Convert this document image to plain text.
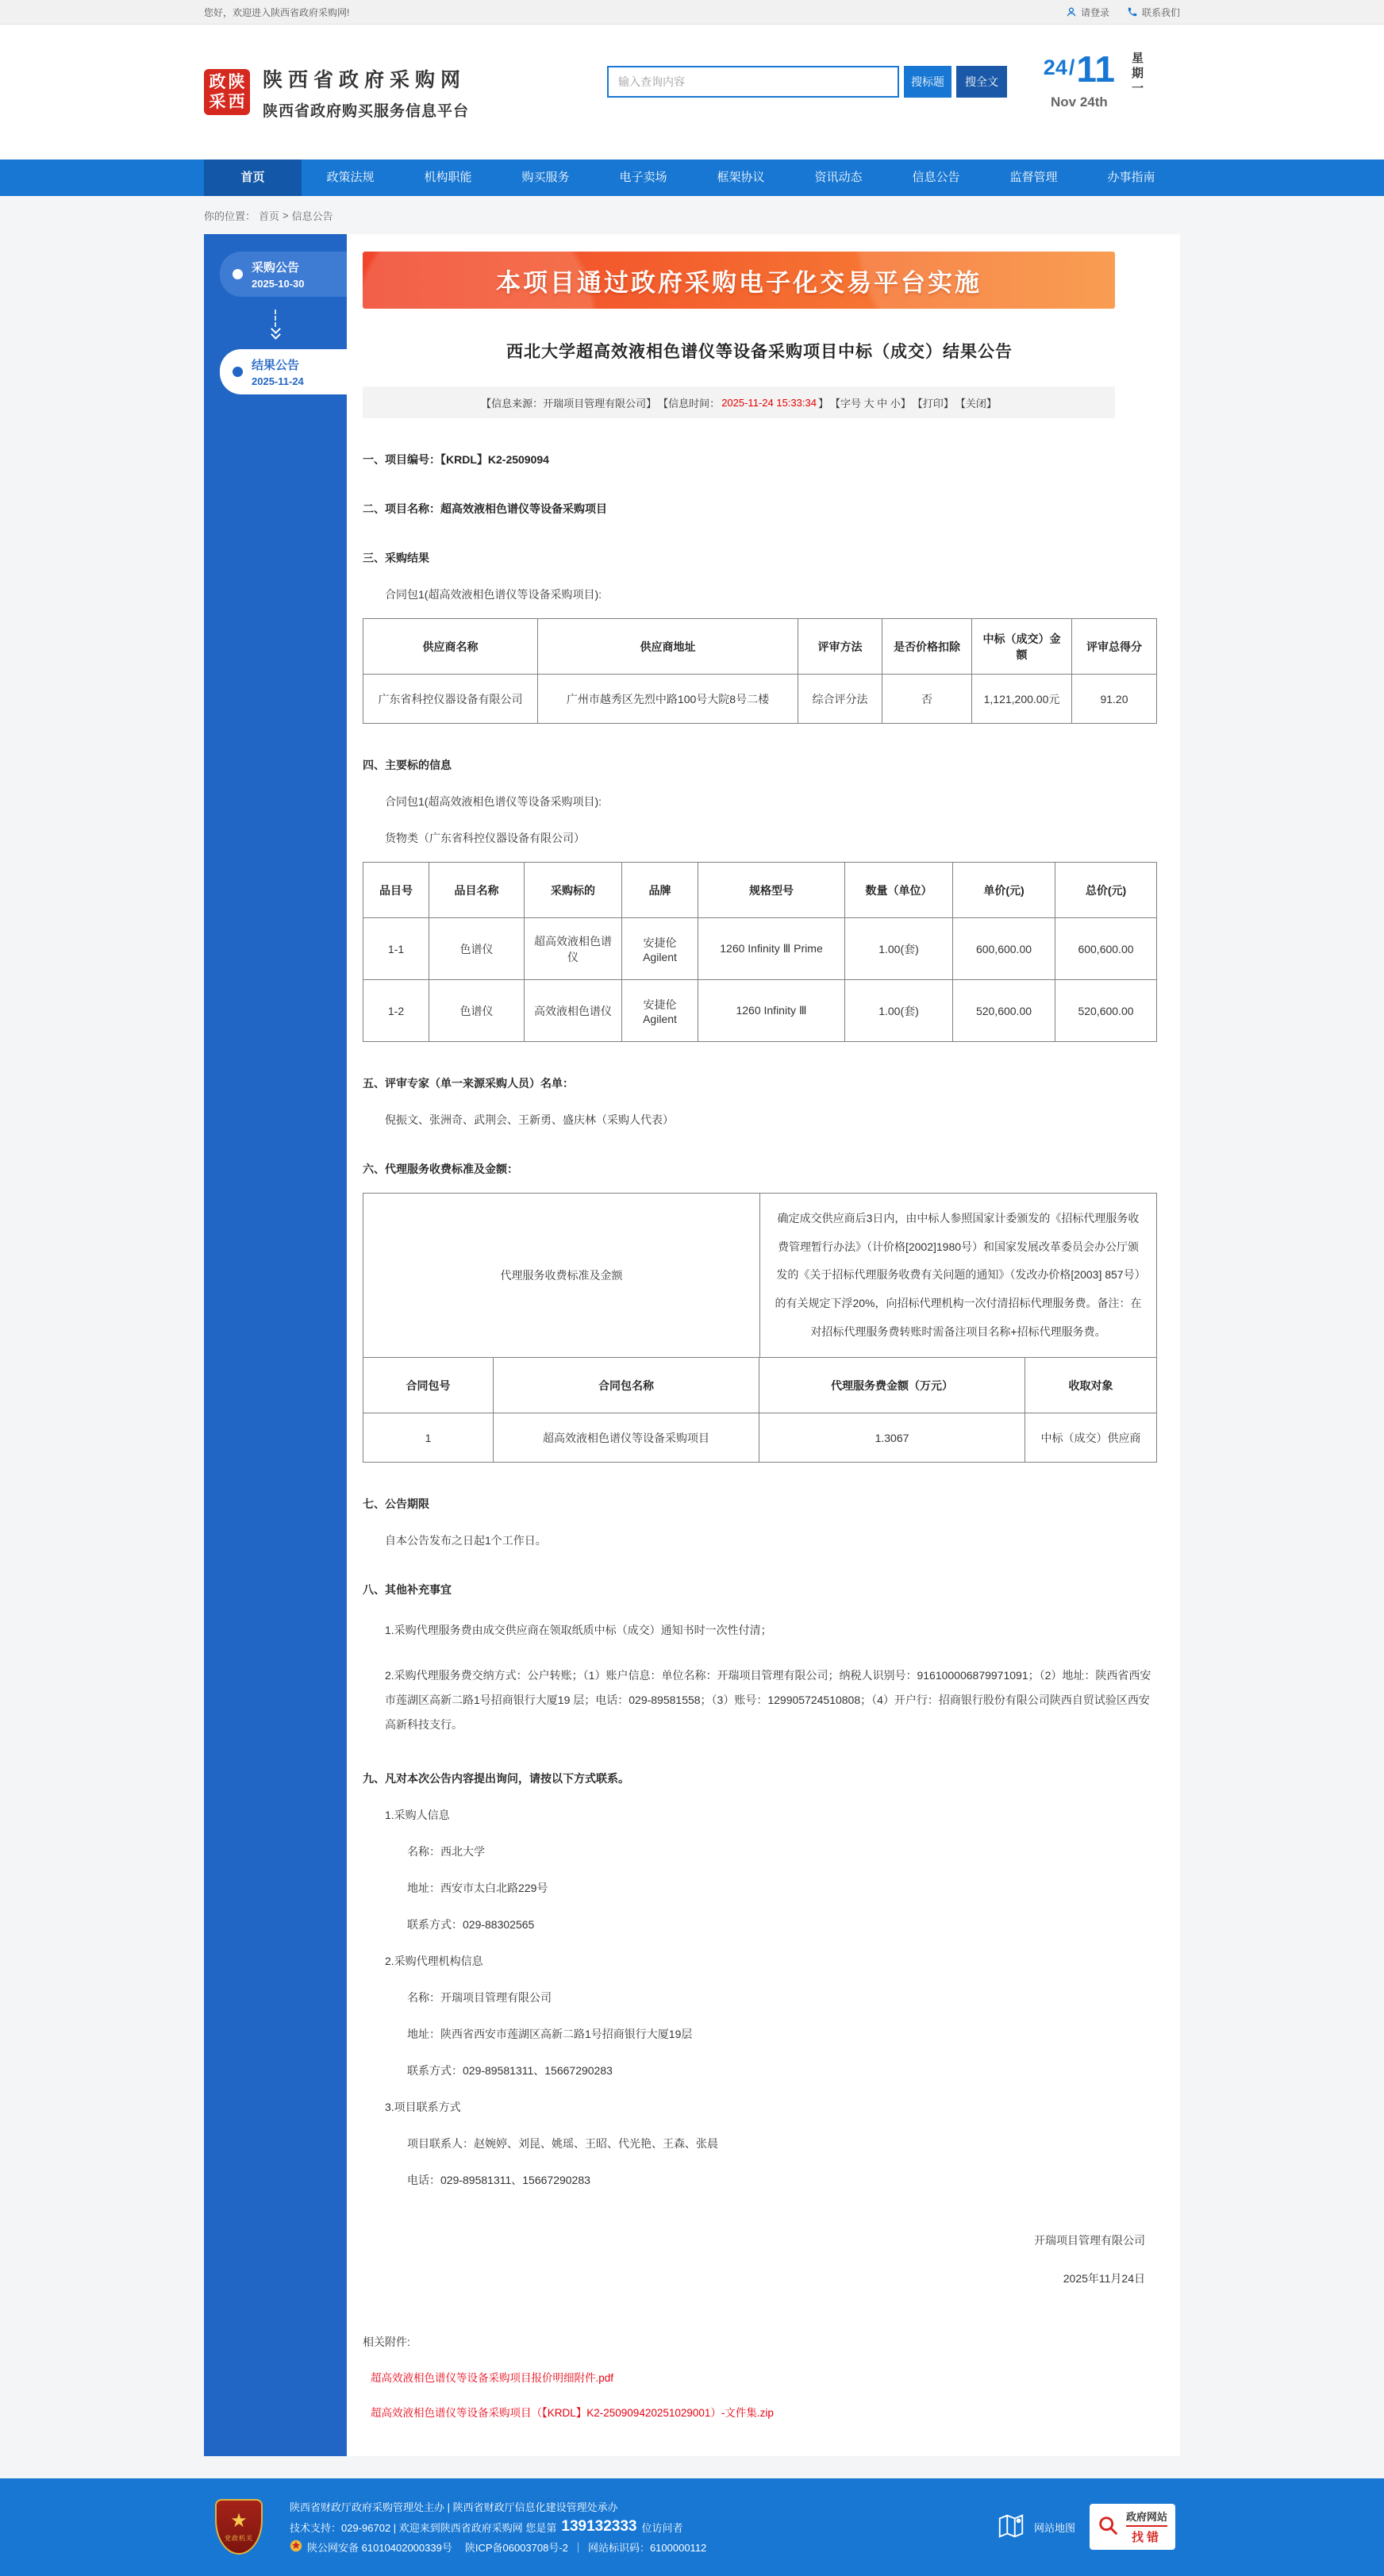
您好，欢迎进入陕西省政府采购网!	请登录	联系我们
政陕
采西
陕西省政府采购网
陕西省政府购买服务信息平台
输入查询内容
搜标题	搜全文
24 / 11
Nov 24th
星期一
首页	政策法规	机构职能	购买服务	电子卖场	框架协议	资讯动态	信息公告	监督管理	办事指南
你的位置： 首页 > 信息公告
采购公告
2025-10-30
结果公告
2025-11-24
本项目通过政府采购电子化交易平台实施
西北大学超高效液相色谱仪等设备采购项目中标（成交）结果公告
【信息来源：开瑞项目管理有限公司】 【信息时间： 2025-11-24 15:33:34 】 【字号 大 中 小】 【打印】 【关闭】
一、项目编号：【KRDL】K2-2509094
二、项目名称：超高效液相色谱仪等设备采购项目
三、采购结果

合同包1(超高效液相色谱仪等设备采购项目):

供应商名称	供应商地址	评审方法	是否价格扣除	中标（成交）金额	评审总得分
广东省科控仪器设备有限公司	广州市越秀区先烈中路100号大院8号二楼	综合评分法	否	1,121,200.00元	91.20
四、主要标的信息

合同包1(超高效液相色谱仪等设备采购项目):

货物类（广东省科控仪器设备有限公司）

品目号	品目名称	采购标的	品牌	规格型号	数量（单位）	单价(元)	总价(元)
1-1	色谱仪	超高效液相色谱仪	安捷伦 Agilent	1260 Infinity Ⅲ Prime	1.00(套)	600,600.00	600,600.00
1-2	色谱仪	高效液相色谱仪	安捷伦 Agilent	1260 Infinity Ⅲ	1.00(套)	520,600.00	520,600.00
五、评审专家（单一来源采购人员）名单：

倪振文、张洲奇、武荆会、王新勇、盛庆林（采购人代表）

六、代理服务收费标准及金额：
代理服务收费标准及金额	确定成交供应商后3日内，由中标人参照国家计委颁发的《招标代理服务收费管理暂行办法》（计价格[2002]1980号）和国家发展改革委员会办公厅颁发的《关于招标代理服务收费有关问题的通知》（发改办价格[2003] 857号）的有关规定下浮20%，向招标代理机构一次付清招标代理服务费。备注：在对招标代理服务费转账时需备注项目名称+招标代理服务费。
合同包号	合同包名称	代理服务费金额（万元）	收取对象
1	超高效液相色谱仪等设备采购项目	1.3067	中标（成交）供应商
七、公告期限

自本公告发布之日起1个工作日。

八、其他补充事宜

1.采购代理服务费由成交供应商在领取纸质中标（成交）通知书时一次性付清；

2.采购代理服务费交纳方式：公户转账；（1）账户信息：单位名称：开瑞项目管理有限公司；纳税人识别号：916100006879971091；（2）地址：陕西省西安市莲湖区高新二路1号招商银行大厦19 层；电话：029-89581558；（3）账号：129905724510808；（4）开户行：招商银行股份有限公司陕西自贸试验区西安高新科技支行。

九、凡对本次公告内容提出询问，请按以下方式联系。

1.采购人信息

名称：西北大学

地址：西安市太白北路229号

联系方式：029-88302565

2.采购代理机构信息

名称：开瑞项目管理有限公司

地址：陕西省西安市莲湖区高新二路1号招商银行大厦19层

联系方式：029-89581311、15667290283

3.项目联系方式

项目联系人：赵婉婷、刘昆、姚瑶、王昭、代光艳、王森、张晨

电话：029-89581311、15667290283

开瑞项目管理有限公司
2025年11月24日
相关附件:
超高效液相色谱仪等设备采购项目报价明细附件.pdf
超高效液相色谱仪等设备采购项目（【KRDL】K2-250909420251029001）-文件集.zip
★
党政机关
陕西省财政厅政府采购管理处主办 | 陕西省财政厅信息化建设管理处承办
技术支持：029-96702 | 欢迎来到陕西省政府采购网 您是第 139132333 位访问者
陕公网安备 61010402000339号 陕ICP备06003708号-2 ｜ 网站标识码：6100000112
网站地图
政府网站
找错
